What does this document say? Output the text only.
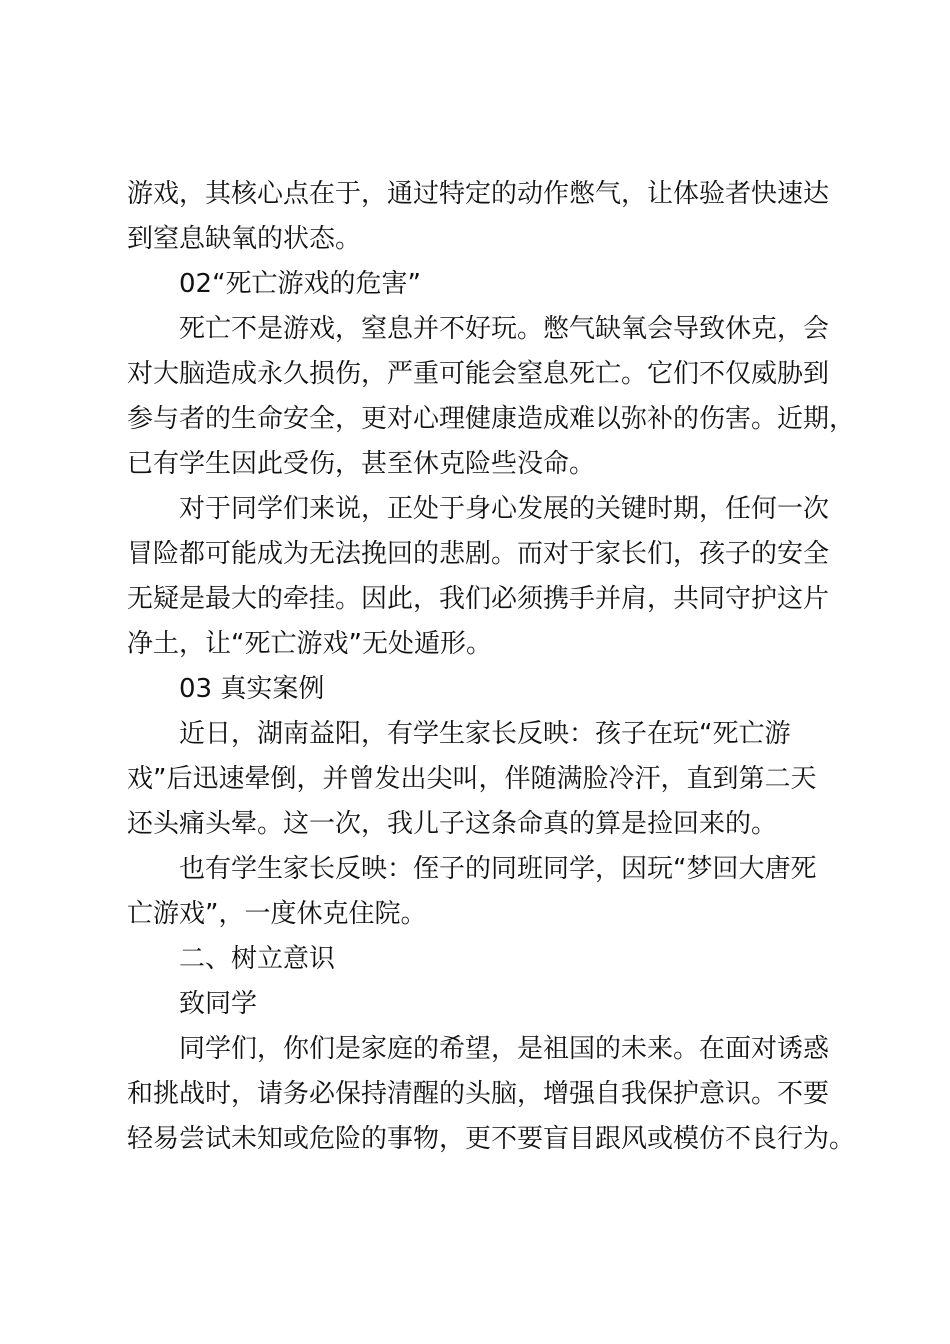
游戏，其核心点在于，通过特定的动作憋气，让体验者快速达
到窒息缺氧的状态。
02“死亡游戏的危害”
死亡不是游戏，窒息并不好玩。憋气缺氧会导致休克，会
对大脑造成永久损伤，严重可能会窒息死亡。它们不仅威胁到
参与者的生命安全，更对心理健康造成难以弥补的伤害。近期，
已有学生因此受伤，甚至休克险些没命。
对于同学们来说，正处于身心发展的关键时期，任何一次
冒险都可能成为无法挽回的悲剧。而对于家长们，孩子的安全
无疑是最大的牵挂。因此，我们必须携手并肩，共同守护这片
净土，让“死亡游戏”无处遁形。
03 真实案例
近日，湖南益阳，有学生家长反映：孩子在玩“死亡游
戏”后迅速晕倒，并曾发出尖叫，伴随满脸冷汗，直到第二天
还头痛头晕。这一次，我儿子这条命真的算是捡回来的。
也有学生家长反映：侄子的同班同学，因玩“梦回大唐死
亡游戏”，一度休克住院。
二、树立意识
致同学
同学们，你们是家庭的希望，是祖国的未来。在面对诱惑
和挑战时，请务必保持清醒的头脑，增强自我保护意识。不要
轻易尝试未知或危险的事物，更不要盲目跟风或模仿不良行为。
